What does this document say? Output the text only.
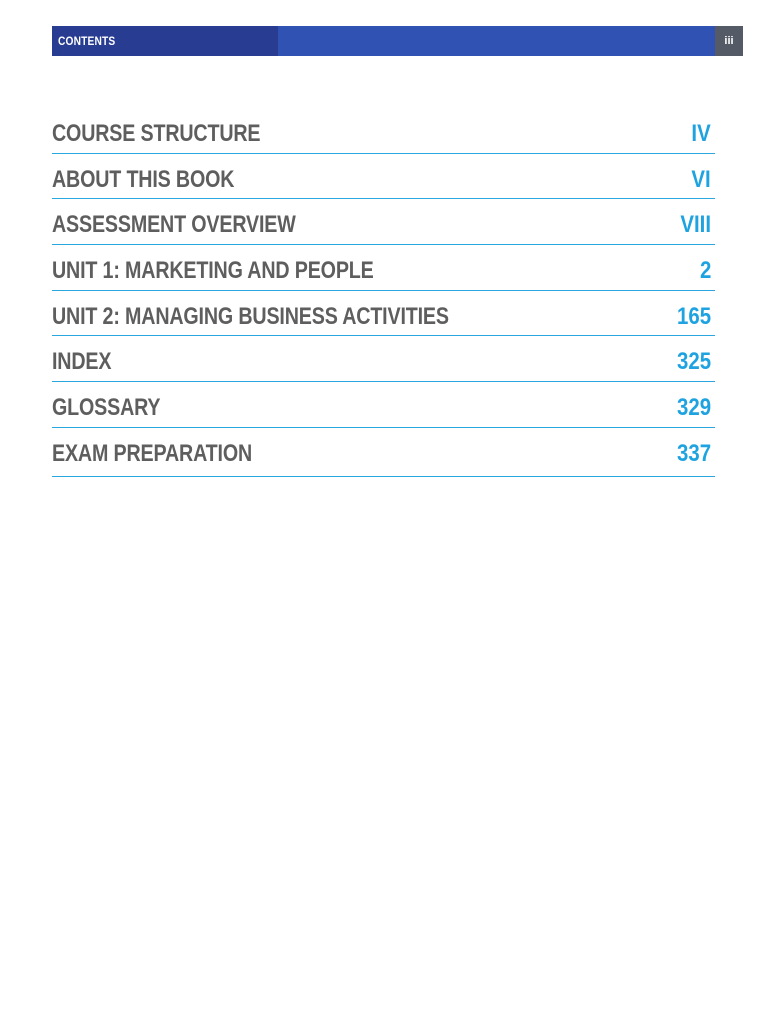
CONTENTS	iii
COURSE STRUCTURE	IV
ABOUT THIS BOOK	VI
ASSESSMENT OVERVIEW	VIII
UNIT 1: MARKETING AND PEOPLE	2
UNIT 2: MANAGING BUSINESS ACTIVITIES	165
INDEX	325
GLOSSARY	329
EXAM PREPARATION	337
